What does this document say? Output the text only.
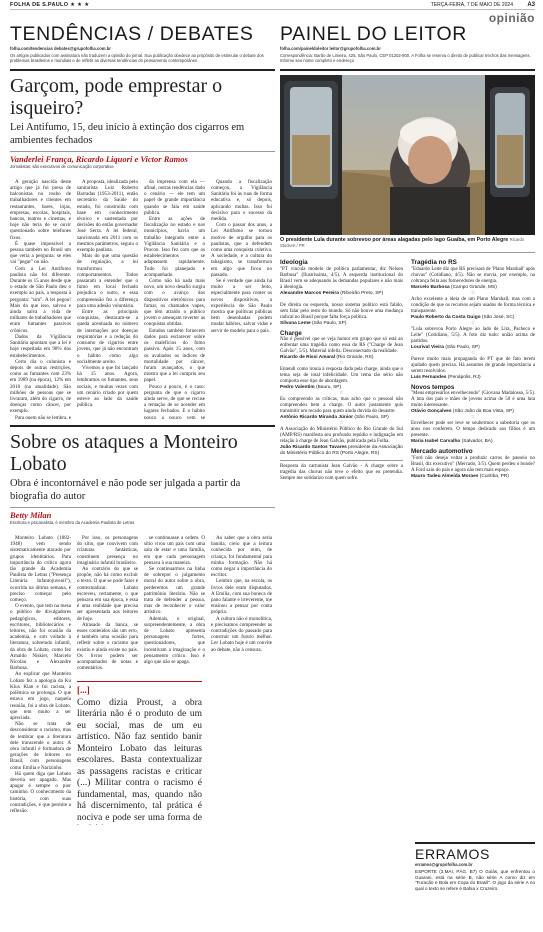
FOLHA DE S.PAULO ★ ★ ★	TERÇA-FEIRA, 7 DE MAIO DE 2024 A3
opinião
TENDÊNCIAS / DEBATES
folha.com/tendencias debates@grupofolha.com.br
Os artigos publicados com assinatura não traduzem a opinião do jornal. Sua publicação obedece ao propósito de estimular o debate dos problemas brasileiros e mundiais e de refletir as diversas tendências do pensamento contemporâneo
Garçom, pode emprestar o isqueiro?
Lei Antifumo, 15, deu início à extinção dos cigarros em ambientes fechados
Vanderlei França, Ricardo Liquori e Victor Ramos
Jornalistas; são executivos de comunicação corporativa

A geração nascida deste artigo que já foi presa de balconistas no roubo de trabalhadores e clientes em restaurantes, bares, lojas, empresas, escolas, hospitais, bancos, teatros e cinemas, e hoje não teria de se ouvir questionado sobre telefones fixos.

É quase impossível a pessoa também no Brasil um que veria a pergunta: se eles vai "pegar" ou não.

Com a Lei Antifumo paulista não foi diferente. Durante os 15 anos desde que o estado de São Paulo deu o exemplo ao país, a resposta à pergunta: "sim". A lei pegou! Mais do que isso, salvou e ainda salva a vida de milhares de trabalhadores que eram fumantes passivos crônicos.

Dados da Vigilância Sanitária apontam que a lei é hoje respeitada em 98% dos estabelecimentos.

Certo dia o colunista e depois de outras restrições, como as fumantes com 23% em 1989 (na época), 12% em 2010 (na atualidade). São milhões de pessoas que se livraram, além do cigarro, de doenças como câncer, por exemplo.

Para quem não se lembra, e

A proposta, idealizada pelo sanitarista Luiz Roberto Barradas (1953-2011), então secretário da Saúde do estado, foi construída com base em conhecimento técnico e sustentada por decisões do então governador José Serra. A lei federal, sancionada em 2011 com os mesmos parâmetros, seguiu o exemplo paulista.

Mais do que uma questão de regulação, a lei transformou comportamentos. Todos passaram a entender que o fumo em local fechado prejudica o outro, e essa compreensão fez a diferença para uma adesão voluntária.

Entre as principais conquistas, destacam-se a queda acentuada no número de internações por doenças respiratórias e a redução do consumo de cigarros entre jovens, que já não encontram o hábito como algo socialmente aceito.

Vivemos o que foi lançado há 15 anos. Agora, lembramos os fumantes, seus sociais, e muitas vezes com um cenário criado por quem esteve ao lado da saúde pública.

da imprensa com ela — afinal, outras tendências dado o cenário — ele tem um papel de grande importância quando se fala em saúde pública.

Entre as ações de fiscalização no estado e nos municípios, havia um trabalho integrado entre a Vigilância Sanitária e o Procon. Isso fez com que os estabelecimentos se adaptassem rapidamente. Tudo foi planejado e acompanhado.

Como não há nada mais novo, um novo desafio surgiu com o avanço dos dispositivos eletrônicos para fumar, os chamados vapes, que têm atraído o público jovem e ameaçam reverter as conquistas obtidas.

Estudos também fornecem dados para esclarecer sobre os malefícios do fumo passivo. Após 15 anos, com os avaliados os índices de mortalidade por câncer, foram avançados, o que mostra que a lei cumpriu seu papel.

Pouco a pouco, é o caso: pergunta de que o cigarro ainda serve, de que se recuse a tentação de se acender em lugares fechados. E o hábito pouco a pouco vem se

Quando a fiscalização começou, a Vigilância Sanitária foi às ruas de forma educativa e, só depois, aplicando multas. Isso foi decisivo para o sucesso da medida.

Com o passar dos anos, a Lei Antifumo se tornou motivo de orgulho para os paulistas, que a defendem como uma conquista coletiva. A sociedade, e a cultura do tabagismo, se transformou em algo que ficou no passado.

Se é verdade que ainda há muito a ser feito, especialmente para conter os novos dispositivos, a experiência de São Paulo mostra que políticas públicas bem desenhadas podem mudar hábitos, salvar vidas e servir de modelo para o país.

Sobre os ataques a Monteiro Lobato
Obra é incontornável e não pode ser julgada a partir da biografia do autor
Betty Milan
Escritora e psicanalista, é membro da Academia Paulista de Letras

Monteiro Lobato (1882-1948) vem sendo sistematicamente atacado por grupos identitários. Para importância do crítico agora tão grande da Academia Paulista de Letras ("Presença Literária Infantojuvenil"), ocorrida na última semana, é preciso começar pelo começo.

O evento, que tem na mesa o público de divulgadores pedagógicos, editores, escritores, bibliotecários e leitores, não foi ocasião da academia, e sim voltado à literatura, sobretudo infantil, da obra de Lobato, como fez Arnaldo Niskier, Marcelo Nicolau e Alexandre Barbosa.

Ao explicar que Monteiro Lobato fez a apologia da Ku Klux Klan e foi racista, a polêmica se prolonga. O que estava em jogo, naquela reunião, foi a obra de Lobato, que tem muito a ser apreciada.

Não se trata de desconsiderar o racismo, mas de lembrar que a literatura dele transcende o autor. A obra infantil é formadora de gerações de leitores no Brasil, com personagens como Emília e Narizinho.

Há quem diga que Lobato deveria ser apagado. Mas apagar é sempre o pior caminho. O conhecimento da história, com suas contradições, é que permite a reflexão.

Por isso, os personagens do sítio, que convivem com criaturas fantásticas, constituem presença no imaginário infantil brasileiro.

Ao contrário do que se propõe, não há como excluir o texto. O que se pode fazer é contextualizar. Lobato escreveu, certamente, o que pensava em sua época, e essa é uma realidade que precisa ser apresentada aos leitores de hoje.

Atrasado da banca, se esses conteúdos são um erro, é também uma ocasião para refletir sobre o racismo que existiu e ainda existe no país. Os livros podem ser acompanhados de notas e comentários.

[...]
Como dizia Proust, a obra literária não é o produto de um eu social, mas de um eu artístico. Não faz sentido banir Monteiro Lobato das leituras escolares. Basta contextualizar as passagens racistas e criticar (...) Militar contra o racismo é fundamental, mas, quando não há discernimento, tal prática é nociva e pode ser uma forma de

se continuasse a ordem. O sítio virou um país com uma sala de estar e uma família, em que cada personagem pensava à sua maneira.

Se continuarmos na linha de sobrepor o julgamento moral do autor sobre a obra, perderemos um grande patrimônio literário. Não se trata de defender a pessoa, mas de reconhecer o valor artístico.

Ademais, o original, surpreendentemente, a obra de Lobato apresenta personagens fortes, questionadores, que incentivam a imaginação e o pensamento crítico. Isso é algo que não se apaga.

Ao saber que a obra seria banida, creio que a leitura conhecida por mim, de criança, foi fundamental para minha formação. Não há como negar a importância do escritor.

Lembro que, na escola, os livros dele eram disputados. A Emília, com sua boneca de pano falante e irreverente, me ensinou a pensar por conta própria.

A cultura não é monolítica, e precisamos compreender as contradições do passado para construir um futuro melhor. Ler Lobato hoje é um convite ao debate, não à censura.

PAINEL DO LEITOR
folha.com/paineldoleitor leitor@grupofolha.com.br
Correspondência: Barão de Limeira, 425, São Paulo, CEP 01202-900. A Folha se reserva o direito de publicar trechos das mensagens. Informe seu nome completo e endereço
O presidente Lula durante sobrevoo por áreas alagadas pelo lago Guaíba, em Porto Alegre Ricardo Stuckert / PR
Ideologia
"PT vincula modelo de política parlamentar, diz Nelson Barbosa" (Ilustríssima, 4/5). A esquerda institucional do Brasil vem se adequando às demandas populares e não mais à ideologia.
Alexandre Marcos Pereira (Ribeirão Preto, SP)
☆
De direita ou esquerda, nosso sistema político está falido, sem falar pelo resto do mundo. Só não houve uma mudança radical no Brasil porque falta força política.
Silvana Leme (São Paulo, SP)
Charge
Não é possível que se veja humor em grupo que só está ao enfrentar uma tragédia como essa do RS ("Charge de Jean Galvão", 5/5). Material infeliz. Desconectado da realidade.
Ricardo de Rissi Amaral (Rio Grande, RS)
☆
Entendi como ironia à resposta dada pela charge, ainda que o tema seja de total infelicidade. Um tema tão sério não comporta esse tipo de abordagem.
Pedro Valentim (Bauru, SP)
☆
Eu compreendo as críticas, mas acho que o pessoal não compreendeu bem a charge. O autor justamente quis transmitir um recado para quem ainda duvida do desastre.
Antônio Ricardo Miranda Júnior (São Paulo, SP)
☆
A Associação do Ministério Público do Rio Grande do Sul (AMP/RS) manifesta seu profundo repúdio e indignação em relação à charge de Jean Galvão, publicada pela Folha.
João Ricardo Santos Tavares presidente da Associação do Ministério Público do RS (Porto Alegre, RS)
Resposta do cartunista Jean Galvão - A charge sobre a tragédia das chuvas não teve o efeito que eu pretendia. Sempre me solidarizo com quem sofre.
Tragédia no RS
"Eduardo Leite diz que RS precisará de 'Plano Marshall' após chuvas" (Cotidiano, 4/5). Não se movia, por exemplo, na cobrança feita aos fornecedores de energia.
Marcelo Barbosa (Campo Grande, MS)
☆
Acho excelente a ideia de um Plano Marshall, mas com a condição de que os recursos sejam usados de forma técnica e transparente.
Paulo Roberto da Costa Guigo (São José, SC)
☆
"Lula sobrevoa Porto Alegre ao lado de Lira, Pacheco e Leite" (Cotidiano, 5/5). A foto diz tudo: união acima de partidos.
Lourival Vieira (São Paulo, SP)
☆
Parece muito mais propaganda do PT que de fato terem ajudado quem precisa. Há assuntos de grande importância a serem resolvidos.
Luís Fernandes (Penápolis, RJ)
Novos tempos
"Meus empresários envelhecendo" (Giovana Madalosso, 5/5). A luta dos pais e mães de jovens acima de 50 é uma luta muito interessante.
Otávio Gonçalves (São João da Boa Vista, SP)
☆
Envelhecer pode ser leve se soubermos a sabedoria que os anos nos conferem. O tempo dedicado aos filhos é um presente.
Maria Isabel Carvalho (Salvador, BA)
Mercado automotivo
"Ford não deseja voltar a produzir carros de passeio no Brasil, diz executivo" (Mercado, 3/5). Quem perdeu o bonde? A Ford saiu do país e agora não tem mais espaço.
Mauro Tadeu Almeida Moraes (Curitiba, PR)
ERRAMOS
erramos@grupofolha.com.br
ESPORTE (3.MAI, PÁG. B7) O Goiás, que enfrentou o Guarani, está na série B, não série A como diz em "Furacão e Bola em Copa do Brasil". O jogo da série A no qual o texto se refere é Bahia x Cruzeiro.
